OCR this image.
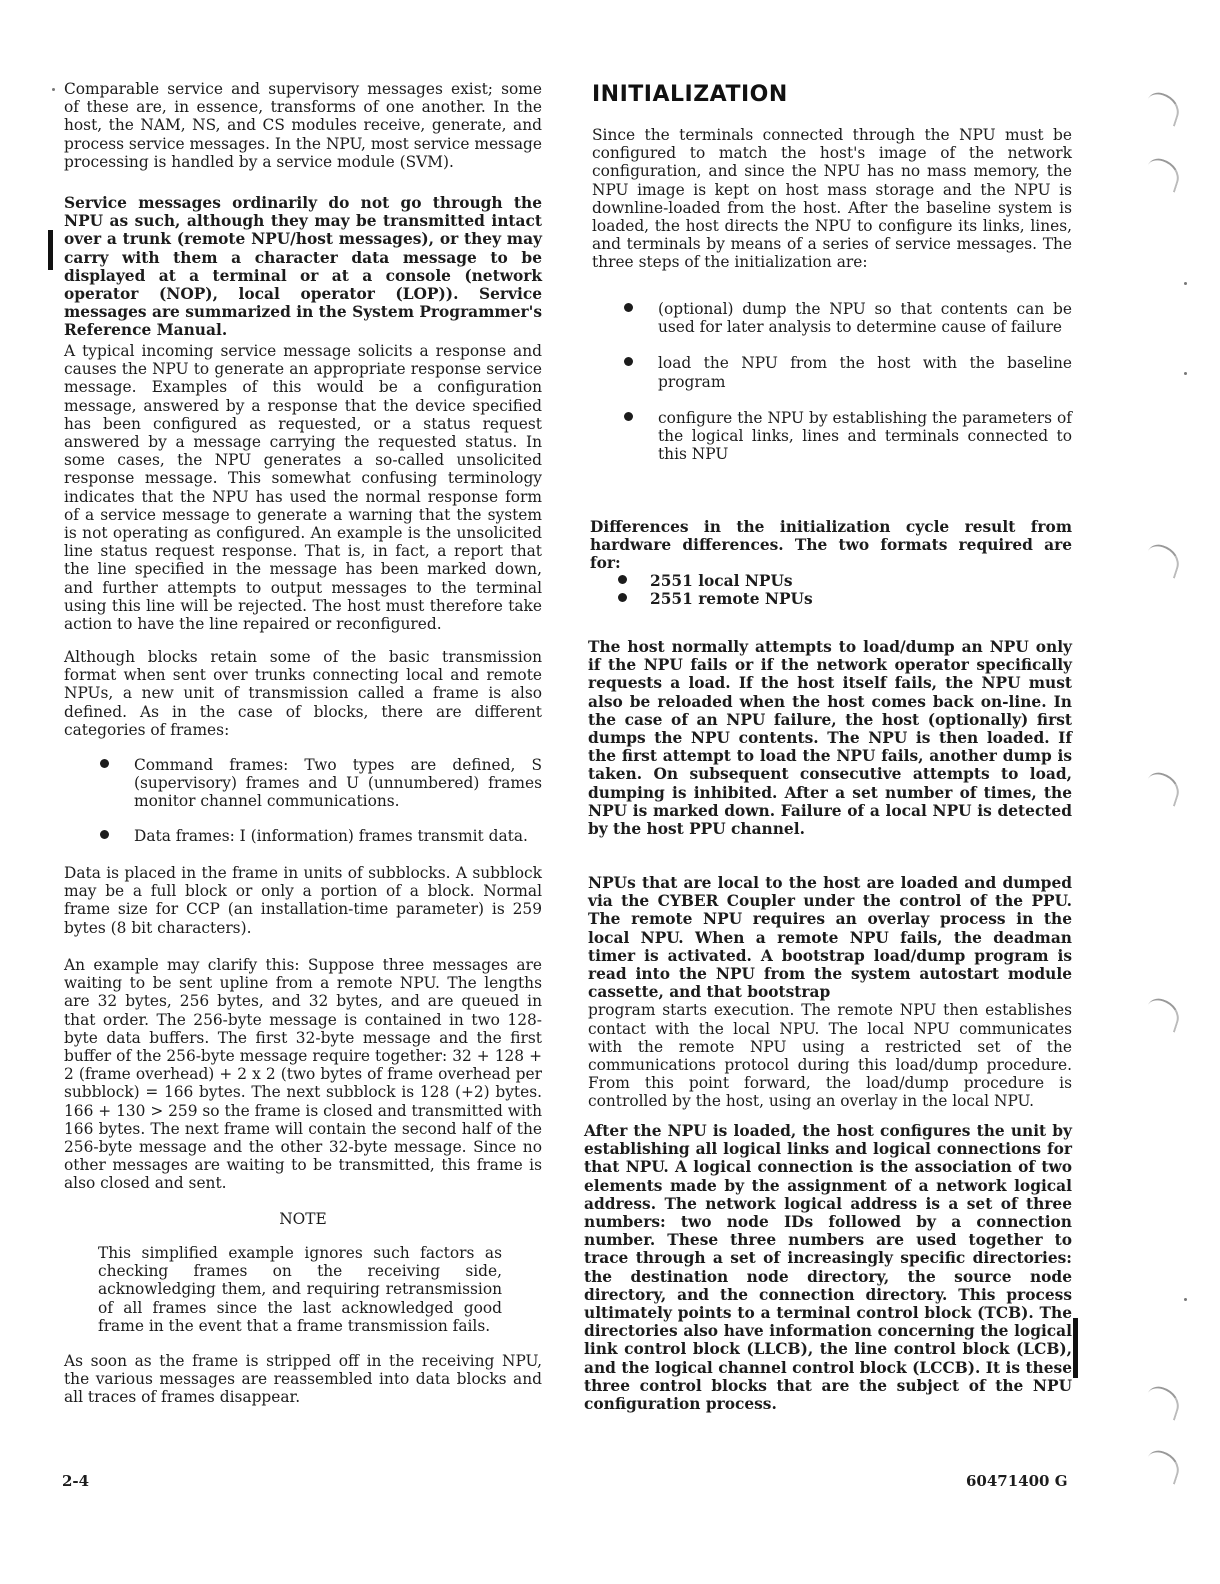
Comparable service and supervisory messages exist; some of these are, in essence, transforms of one another. In the host, the NAM, NS, and CS modules receive, generate, and process service messages. In the NPU, most service message processing is handled by a service module (SVM).

Service messages ordinarily do not go through the NPU as such, although they may be transmitted intact over a trunk (remote NPU/host messages), or they may carry with them a character data message to be displayed at a terminal or at a console (network operator (NOP), local operator (LOP)). Service messages are summarized in the System Programmer's Reference Manual.

A typical incoming service message solicits a response and causes the NPU to generate an appropriate response service message. Examples of this would be a configuration message, answered by a response that the device specified has been configured as requested, or a status request answered by a message carrying the requested status. In some cases, the NPU generates a so-called unsolicited response message. This somewhat confusing terminology indicates that the NPU has used the normal response form of a service message to generate a warning that the system is not operating as configured. An example is the unsolicited line status request response. That is, in fact, a report that the line specified in the message has been marked down, and further attempts to output messages to the terminal using this line will be rejected. The host must therefore take action to have the line repaired or reconfigured.

Although blocks retain some of the basic transmission format when sent over trunks connecting local and remote NPUs, a new unit of transmission called a frame is also defined. As in the case of blocks, there are different categories of frames:

Command frames: Two types are defined, S (supervisory) frames and U (unnumbered) frames monitor channel communications.

Data frames: I (information) frames transmit data.

Data is placed in the frame in units of subblocks. A subblock may be a full block or only a portion of a block. Normal frame size for CCP (an installation-time parameter) is 259 bytes (8 bit characters).

An example may clarify this: Suppose three messages are waiting to be sent upline from a remote NPU. The lengths are 32 bytes, 256 bytes, and 32 bytes, and are queued in that order. The 256-byte message is contained in two 128-byte data buffers. The first 32-byte message and the first buffer of the 256-byte message require together: 32 + 128 + 2 (frame overhead) + 2 x 2 (two bytes of frame overhead per subblock) = 166 bytes. The next subblock is 128 (+2) bytes. 166 + 130 > 259 so the frame is closed and transmitted with 166 bytes. The next frame will contain the second half of the 256-byte message and the other 32-byte message. Since no other messages are waiting to be transmitted, this frame is also closed and sent.

NOTE

This simplified example ignores such factors as checking frames on the receiving side, acknowledging them, and requiring retransmission of all frames since the last acknowledged good frame in the event that a frame transmission fails.

As soon as the frame is stripped off in the receiving NPU, the various messages are reassembled into data blocks and all traces of frames disappear.

INITIALIZATION

Since the terminals connected through the NPU must be configured to match the host's image of the network configuration, and since the NPU has no mass memory, the NPU image is kept on host mass storage and the NPU is downline-loaded from the host. After the baseline system is loaded, the host directs the NPU to configure its links, lines, and terminals by means of a series of service messages. The three steps of the initialization are:

(optional) dump the NPU so that contents can be used for later analysis to determine cause of failure

load the NPU from the host with the baseline program

configure the NPU by establishing the parameters of the logical links, lines and terminals connected to this NPU

Differences in the initialization cycle result from hardware differences. The two formats required are for:

2551 local NPUs

2551 remote NPUs

The host normally attempts to load/dump an NPU only if the NPU fails or if the network operator specifically requests a load. If the host itself fails, the NPU must also be reloaded when the host comes back on-line. In the case of an NPU failure, the host (optionally) first dumps the NPU contents. The NPU is then loaded. If the first attempt to load the NPU fails, another dump is taken. On subsequent consecutive attempts to load, dumping is inhibited. After a set number of times, the NPU is marked down. Failure of a local NPU is detected by the host PPU channel.

NPUs that are local to the host are loaded and dumped via the CYBER Coupler under the control of the PPU. The remote NPU requires an overlay process in the local NPU. When a remote NPU fails, the deadman timer is activated. A bootstrap load/dump program is read into the NPU from the system autostart module cassette, and that bootstrap

program starts execution. The remote NPU then establishes contact with the local NPU. The local NPU communicates with the remote NPU using a restricted set of the communications protocol during this load/dump procedure. From this point forward, the load/dump procedure is controlled by the host, using an overlay in the local NPU.

After the NPU is loaded, the host configures the unit by establishing all logical links and logical connections for that NPU. A logical connection is the association of two elements made by the assignment of a network logical address. The network logical address is a set of three numbers: two node IDs followed by a connection number. These three numbers are used together to trace through a set of increasingly specific directories: the destination node directory, the source node directory, and the connection directory. This process ultimately points to a terminal control block (TCB). The directories also have information concerning the logical link control block (LLCB), the line control block (LCB), and the logical channel control block (LCCB). It is these three control blocks that are the subject of the NPU configuration process.

2-4	60471400 G
